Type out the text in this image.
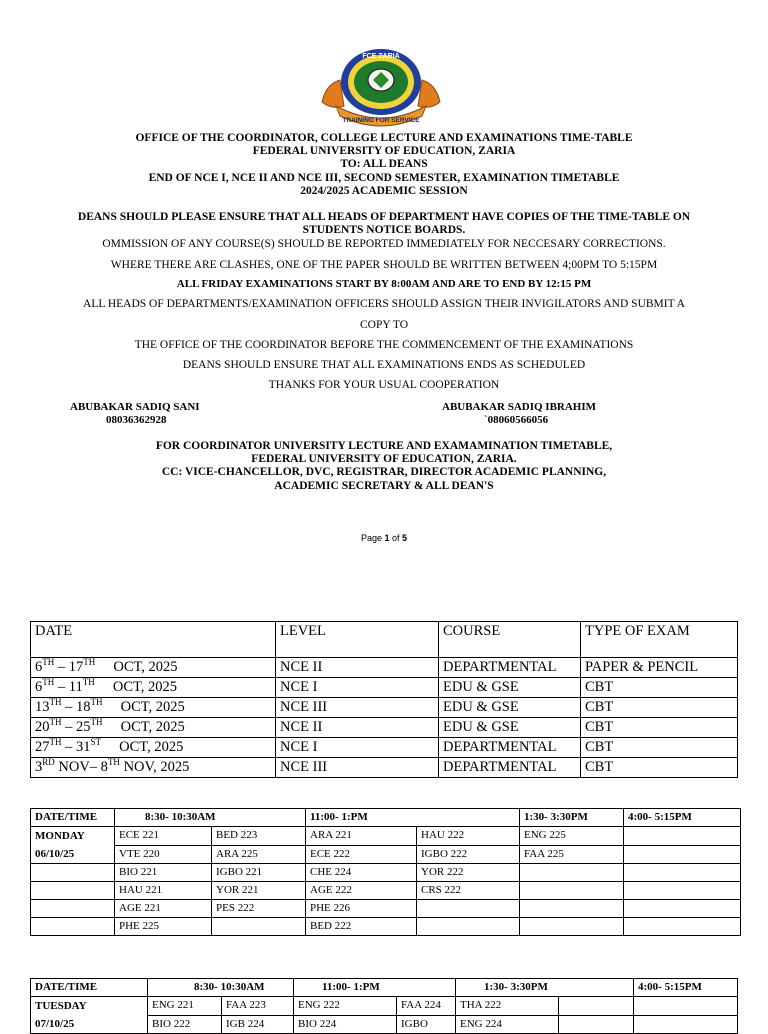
FCE ZARIA
TRAINING FOR SERVICE
OFFICE OF THE COORDINATOR, COLLEGE LECTURE AND EXAMINATIONS TIME-TABLE
FEDERAL UNIVERSITY OF EDUCATION, ZARIA
TO: ALL DEANS
END OF NCE I, NCE II AND NCE III, SECOND SEMESTER, EXAMINATION TIMETABLE
2024/2025 ACADEMIC SESSION
DEANS SHOULD PLEASE ENSURE THAT ALL HEADS OF DEPARTMENT HAVE COPIES OF THE TIME-TABLE ON
STUDENTS NOTICE BOARDS.
OMMISSION OF ANY COURSE(S) SHOULD BE REPORTED IMMEDIATELY FOR NECCESARY CORRECTIONS.
WHERE THERE ARE CLASHES, ONE OF THE PAPER SHOULD BE WRITTEN BETWEEN 4;00PM TO 5:15PM
ALL FRIDAY EXAMINATIONS START BY 8:00AM AND ARE TO END BY 12:15 PM
ALL HEADS OF DEPARTMENTS/EXAMINATION OFFICERS SHOULD ASSIGN THEIR INVIGILATORS AND SUBMIT A
COPY TO
THE OFFICE OF THE COORDINATOR BEFORE THE COMMENCEMENT OF THE EXAMINATIONS
DEANS SHOULD ENSURE THAT ALL EXAMINATIONS ENDS AS SCHEDULED
THANKS FOR YOUR USUAL COOPERATION
ABUBAKAR SADIQ SANI
08036362928
ABUBAKAR SADIQ IBRAHIM
`08060566056
FOR COORDINATOR UNIVERSITY LECTURE AND EXAMAMINATION TIMETABLE,
FEDERAL UNIVERSITY OF EDUCATION, ZARIA.
CC: VICE-CHANCELLOR, DVC, REGISTRAR, DIRECTOR ACADEMIC PLANNING,
ACADEMIC SECRETARY & ALL DEAN'S
Page 1 of 5
DATE	LEVEL	COURSE	TYPE OF EXAM
6TH – 17TH     OCT, 2025	NCE II	DEPARTMENTAL	PAPER & PENCIL
6TH – 11TH     OCT, 2025	NCE I	EDU & GSE	CBT
13TH – 18TH     OCT, 2025	NCE III	EDU & GSE	CBT
20TH – 25TH     OCT, 2025	NCE II	EDU & GSE	CBT
27TH – 31ST     OCT, 2025	NCE I	DEPARTMENTAL	CBT
3RD NOV– 8TH NOV, 2025	NCE III	DEPARTMENTAL	CBT
DATE/TIME	8:30- 10:30AM		11:00- 1:PM		1:30- 3:30PM	4:00- 5:15PM

MONDAY
06/10/25	ECE 221	BED 223	ARA 221	HAU 222	ENG 225	
	VTE 220	ARA 225	ECE 222	IGBO 222	FAA 225	
	BIO 221	IGBO 221	CHE 224	YOR 222		
	HAU 221	YOR 221	AGE 222	CRS 222		
	AGE 221	PES 222	PHE 226			
	PHE 225		BED 222			
DATE/TIME	8:30- 10:30AM		11:00- 1:PM		1:30- 3:30PM		4:00- 5:15PM

TUESDAY
07/10/25	ENG 221	FAA 223	ENG 222	FAA 224	THA 222		
	BIO 222	IGB 224	BIO 224	IGBO	ENG 224		
